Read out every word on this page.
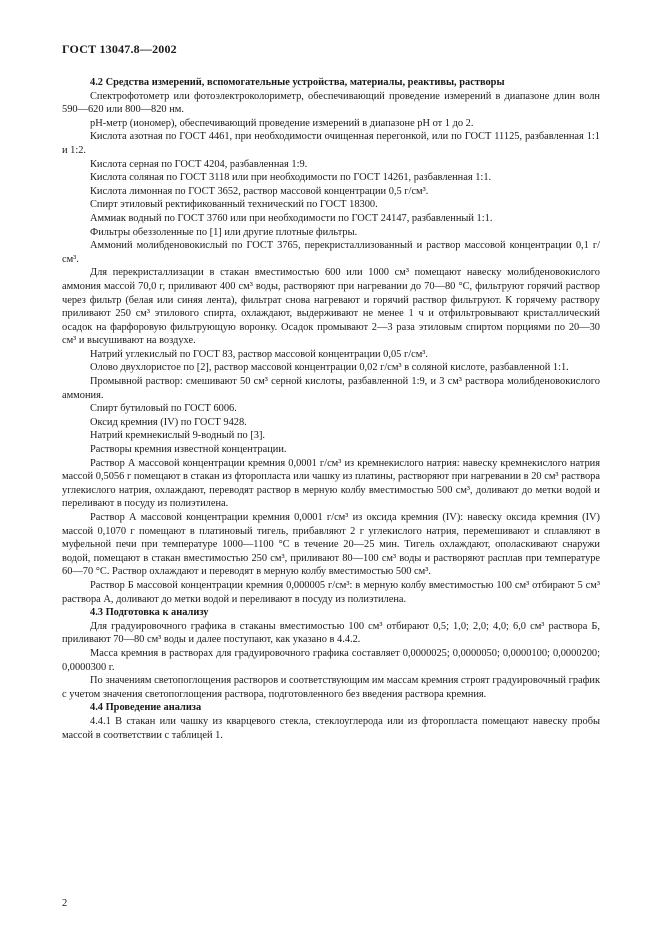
ГОСТ 13047.8—2002

4.2 Средства измерений, вспомогательные устройства, материалы, реактивы, растворы

Спектрофотометр или фотоэлектроколориметр, обеспечивающий проведение измерений в диапазоне длин волн 590—620 или 800—820 нм.

рН-метр (иономер), обеспечивающий проведение измерений в диапазоне рН от 1 до 2.

Кислота азотная по ГОСТ 4461, при необходимости очищенная перегонкой, или по ГОСТ 11125, разбавленная 1:1 и 1:2.

Кислота серная по ГОСТ 4204, разбавленная 1:9.

Кислота соляная по ГОСТ 3118 или при необходимости по ГОСТ 14261, разбавленная 1:1.

Кислота лимонная по ГОСТ 3652, раствор массовой концентрации 0,5 г/см³.

Спирт этиловый ректификованный технический по ГОСТ 18300.

Аммиак водный по ГОСТ 3760 или при необходимости по ГОСТ 24147, разбавленный 1:1.

Фильтры обеззоленные по [1] или другие плотные фильтры.

Аммоний молибденовокислый по ГОСТ 3765, перекристаллизованный и раствор массовой концентрации 0,1 г/см³.

Для перекристаллизации в стакан вместимостью 600 или 1000 см³ помещают навеску молибденовокислого аммония массой 70,0 г, приливают 400 см³ воды, растворяют при нагревании до 70—80 °С, фильтруют горячий раствор через фильтр (белая или синяя лента), фильтрат снова нагревают и горячий раствор фильтруют. К горячему раствору приливают 250 см³ этилового спирта, охлаждают, выдерживают не менее 1 ч и отфильтровывают кристаллический осадок на фарфоровую фильтрующую воронку. Осадок промывают 2—3 раза этиловым спиртом порциями по 20—30 см³ и высушивают на воздухе.

Натрий углекислый по ГОСТ 83, раствор массовой концентрации 0,05 г/см³.

Олово двухлористое по [2], раствор массовой концентрации 0,02 г/см³ в соляной кислоте, разбавленной 1:1.

Промывной раствор: смешивают 50 см³ серной кислоты, разбавленной 1:9, и 3 см³ раствора молибденовокислого аммония.

Спирт бутиловый по ГОСТ 6006.

Оксид кремния (IV) по ГОСТ 9428.

Натрий кремнекислый 9-водный по [3].

Растворы кремния известной концентрации.

Раствор А массовой концентрации кремния 0,0001 г/см³ из кремнекислого натрия: навеску кремнекислого натрия массой 0,5056 г помещают в стакан из фторопласта или чашку из платины, растворяют при нагревании в 20 см³ раствора углекислого натрия, охлаждают, переводят раствор в мерную колбу вместимостью 500 см³, доливают до метки водой и переливают в посуду из полиэтилена.

Раствор А массовой концентрации кремния 0,0001 г/см³ из оксида кремния (IV): навеску оксида кремния (IV) массой 0,1070 г помещают в платиновый тигель, прибавляют 2 г углекислого натрия, перемешивают и сплавляют в муфельной печи при температуре 1000—1100 °С в течение 20—25 мин. Тигель охлаждают, ополаскивают снаружи водой, помещают в стакан вместимостью 250 см³, приливают 80—100 см³ воды и растворяют расплав при температуре 60—70 °С. Раствор охлаждают и переводят в мерную колбу вместимостью 500 см³.

Раствор Б массовой концентрации кремния 0,000005 г/см³: в мерную колбу вместимостью 100 см³ отбирают 5 см³ раствора А, доливают до метки водой и переливают в посуду из полиэтилена.

4.3 Подготовка к анализу

Для градуировочного графика в стаканы вместимостью 100 см³ отбирают 0,5; 1,0; 2,0; 4,0; 6,0 см³ раствора Б, приливают 70—80 см³ воды и далее поступают, как указано в 4.4.2.

Масса кремния в растворах для градуировочного графика составляет 0,0000025; 0,0000050; 0,0000100; 0,0000200; 0,0000300 г.

По значениям светопоглощения растворов и соответствующим им массам кремния строят градуировочный график с учетом значения светопоглощения раствора, подготовленного без введения раствора кремния.

4.4 Проведение анализа

4.4.1 В стакан или чашку из кварцевого стекла, стеклоуглерода или из фторопласта помещают навеску пробы массой в соответствии с таблицей 1.

2
